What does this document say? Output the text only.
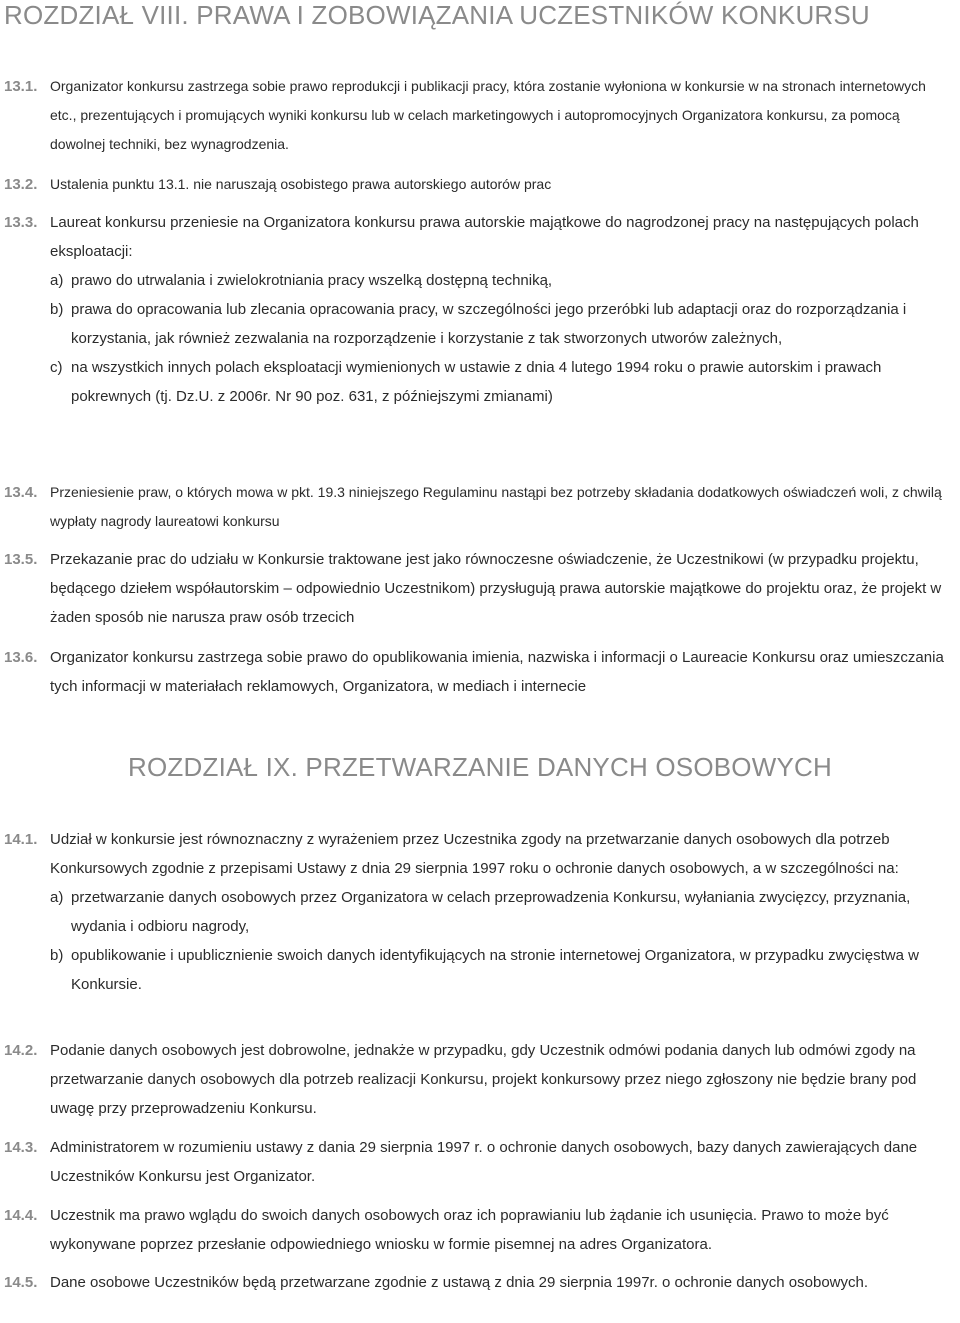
ROZDZIAŁ VIII. PRAWA I ZOBOWIĄZANIA UCZESTNIKÓW KONKURSU
13.1. Organizator konkursu zastrzega sobie prawo reprodukcji i publikacji pracy, która zostanie wyłoniona w konkursie w na stronach internetowych etc., prezentujących i promujących wyniki konkursu lub w celach marketingowych i autopromocyjnych Organizatora konkursu, za pomocą dowolnej techniki, bez wynagrodzenia.

13.2. Ustalenia punktu 13.1. nie naruszają osobistego prawa autorskiego autorów prac

13.3. Laureat konkursu przeniesie na Organizatora konkursu prawa autorskie majątkowe do nagrodzonej pracy na następujących polach eksploatacji:

a) prawo do utrwalania i zwielokrotniania pracy wszelką dostępną techniką,
b) prawa do opracowania lub zlecania opracowania pracy, w szczególności jego przeróbki lub adaptacji oraz do rozporządzania i korzystania, jak również zezwalania na rozporządzenie i korzystanie z tak stworzonych utworów zależnych,
c) na wszystkich innych polach eksploatacji wymienionych w ustawie z dnia 4 lutego 1994 roku o prawie autorskim i prawach pokrewnych (tj. Dz.U. z 2006r. Nr 90 poz. 631, z późniejszymi zmianami)
13.4. Przeniesienie praw, o których mowa w pkt. 19.3 niniejszego Regulaminu nastąpi bez potrzeby składania dodatkowych oświadczeń woli, z chwilą wypłaty nagrody laureatowi konkursu

13.5. Przekazanie prac do udziału w Konkursie traktowane jest jako równoczesne oświadczenie, że Uczestnikowi (w przypadku projektu, będącego dziełem współautorskim – odpowiednio Uczestnikom) przysługują prawa autorskie majątkowe do projektu oraz, że projekt w żaden sposób nie narusza praw osób trzecich

13.6. Organizator konkursu zastrzega sobie prawo do opublikowania imienia, nazwiska i informacji o Laureacie Konkursu oraz umieszczania tych informacji w materiałach reklamowych, Organizatora, w mediach i internecie

ROZDZIAŁ IX. PRZETWARZANIE DANYCH OSOBOWYCH
14.1. Udział w konkursie jest równoznaczny z wyrażeniem przez Uczestnika zgody na przetwarzanie danych osobowych dla potrzeb Konkursowych zgodnie z przepisami Ustawy z dnia 29 sierpnia 1997 roku o ochronie danych osobowych, a w szczególności na:

a) przetwarzanie danych osobowych przez Organizatora w celach przeprowadzenia Konkursu, wyłaniania zwycięzcy, przyznania, wydania i odbioru nagrody,
b) opublikowanie i upublicznienie swoich danych identyfikujących na stronie internetowej Organizatora, w przypadku zwycięstwa w Konkursie.
14.2. Podanie danych osobowych jest dobrowolne, jednakże w przypadku, gdy Uczestnik odmówi podania danych lub odmówi zgody na przetwarzanie danych osobowych dla potrzeb realizacji Konkursu, projekt konkursowy przez niego zgłoszony nie będzie brany pod uwagę przy przeprowadzeniu Konkursu.

14.3. Administratorem w rozumieniu ustawy z dania 29 sierpnia 1997 r. o ochronie danych osobowych, bazy danych zawierających dane Uczestników Konkursu jest Organizator.

14.4. Uczestnik ma prawo wglądu do swoich danych osobowych oraz ich poprawianiu lub żądanie ich usunięcia. Prawo to może być wykonywane poprzez przesłanie odpowiedniego wniosku w formie pisemnej na adres Organizatora.

14.5. Dane osobowe Uczestników będą przetwarzane zgodnie z ustawą z dnia 29 sierpnia 1997r. o ochronie danych osobowych.
